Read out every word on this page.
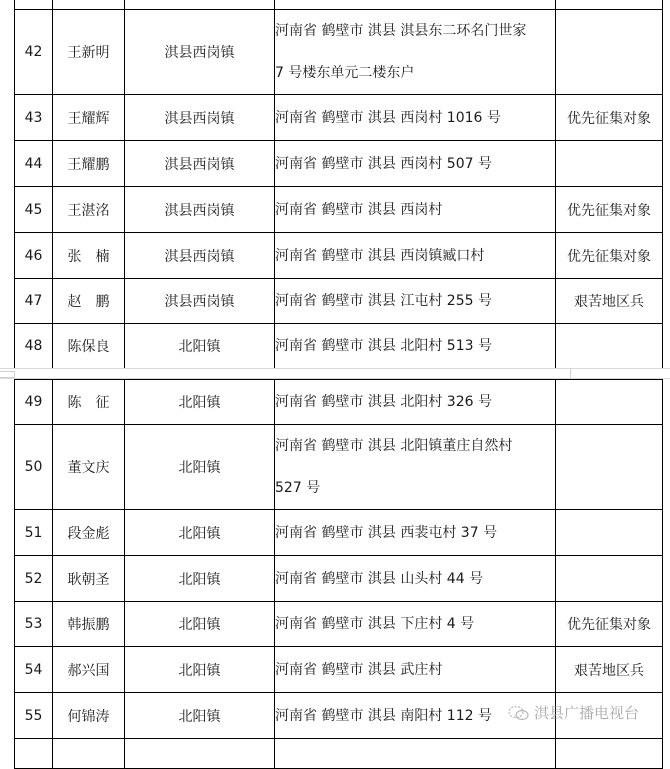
42	王新明	淇县西岗镇	河南省 鹤壁市 淇县 淇县东二环名门世家
7 号楼东单元二楼东户	

43	王耀辉	淇县西岗镇	河南省 鹤壁市 淇县 西岗村 1016 号	优先征集对象
44	王耀鹏	淇县西岗镇	河南省 鹤壁市 淇县 西岗村 507 号	

45	王湛洺	淇县西岗镇	河南省 鹤壁市 淇县 西岗村	优先征集对象
46	张　楠	淇县西岗镇	河南省 鹤壁市 淇县 西岗镇臧口村	优先征集对象
47	赵　鹏	淇县西岗镇	河南省 鹤壁市 淇县 江屯村 255 号	艰苦地区兵
48	陈保良	北阳镇	河南省 鹤壁市 淇县 北阳村 513 号	

49	陈　征	北阳镇	河南省 鹤壁市 淇县 北阳村 326 号	

50	董文庆	北阳镇	河南省 鹤壁市 淇县 北阳镇董庄自然村
527 号	

51	段金彪	北阳镇	河南省 鹤壁市 淇县 西裴屯村 37 号	

52	耿朝圣	北阳镇	河南省 鹤壁市 淇县 山头村 44 号	

53	韩振鹏	北阳镇	河南省 鹤壁市 淇县 下庄村 4 号	优先征集对象
54	郝兴国	北阳镇	河南省 鹤壁市 淇县 武庄村	艰苦地区兵
55	何锦涛	北阳镇	河南省 鹤壁市 淇县 南阳村 112 号	

		淇县广播电视台
